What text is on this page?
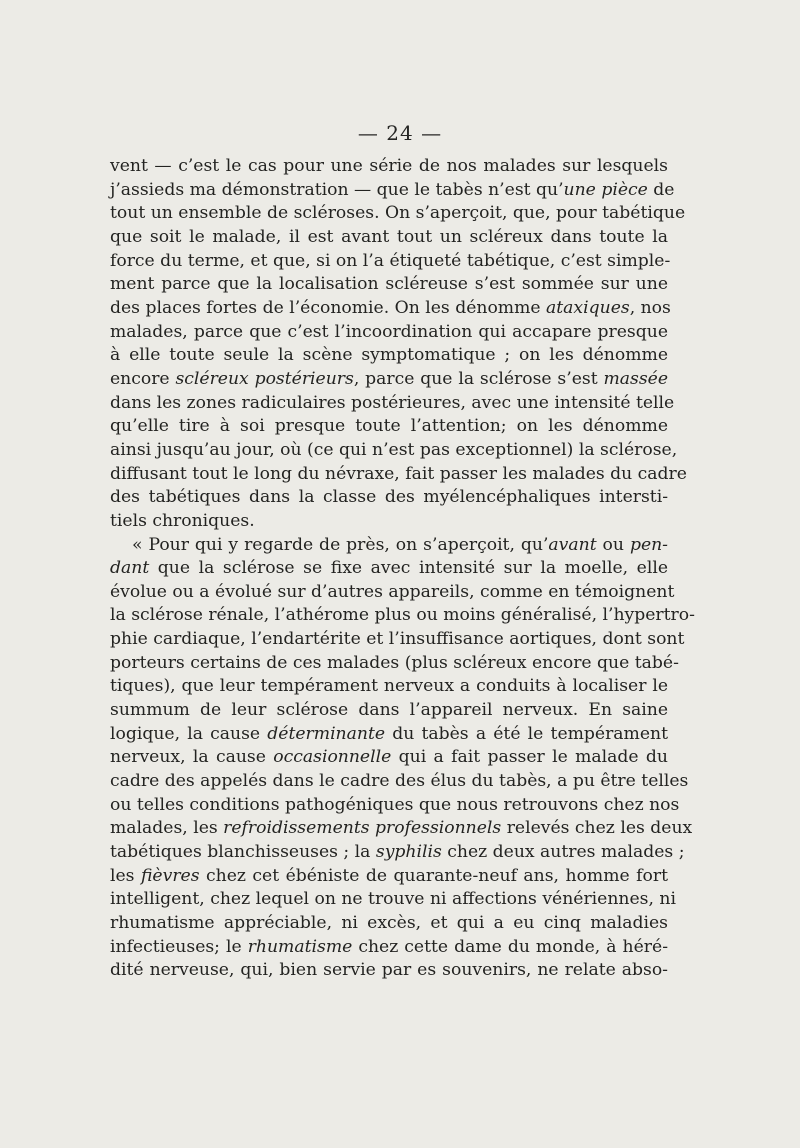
— 24 —
vent — c’est le cas pour une série de nos malades sur lesquels
j’assieds ma démonstration — que le tabès n’est qu’une pièce de
tout un ensemble de scléroses. On s’aperçoit, que, pour tabétique
que soit le malade, il est avant tout un scléreux dans toute la
force du terme, et que, si on l’a étiqueté tabétique, c’est simple-
ment parce que la localisation scléreuse s’est sommée sur une
des places fortes de l’économie. On les dénomme ataxiques, nos
malades, parce que c’est l’incoordination qui accapare presque
à elle toute seule la scène symptomatique ; on les dénomme
encore scléreux postérieurs, parce que la sclérose s’est massée
dans les zones radiculaires postérieures, avec une intensité telle
qu’elle tire à soi presque toute l’attention; on les dénomme
ainsi jusqu’au jour, où (ce qui n’est pas exceptionnel) la sclérose,
diffusant tout le long du névraxe, fait passer les malades du cadre
des tabétiques dans la classe des myélencéphaliques intersti-
tiels chroniques.
« Pour qui y regarde de près, on s’aperçoit, qu’avant ou pen-
dant que la sclérose se fixe avec intensité sur la moelle, elle
évolue ou a évolué sur d’autres appareils, comme en témoignent
la sclérose rénale, l’athérome plus ou moins généralisé, l’hypertro-
phie cardiaque, l’endartérite et l’insuffisance aortiques, dont sont
porteurs certains de ces malades (plus scléreux encore que tabé-
tiques), que leur tempérament nerveux a conduits à localiser le
summum de leur sclérose dans l’appareil nerveux. En saine
logique, la cause déterminante du tabès a été le tempérament
nerveux, la cause occasionnelle qui a fait passer le malade du
cadre des appelés dans le cadre des élus du tabès, a pu être telles
ou telles conditions pathogéniques que nous retrouvons chez nos
malades, les refroidissements professionnels relevés chez les deux
tabétiques blanchisseuses ; la syphilis chez deux autres malades ;
les fièvres chez cet ébéniste de quarante-neuf ans, homme fort
intelligent, chez lequel on ne trouve ni affections vénériennes, ni
rhumatisme appréciable, ni excès, et qui a eu cinq maladies
infectieuses; le rhumatisme chez cette dame du monde, à héré-
dité nerveuse, qui, bien servie par es souvenirs, ne relate abso-
